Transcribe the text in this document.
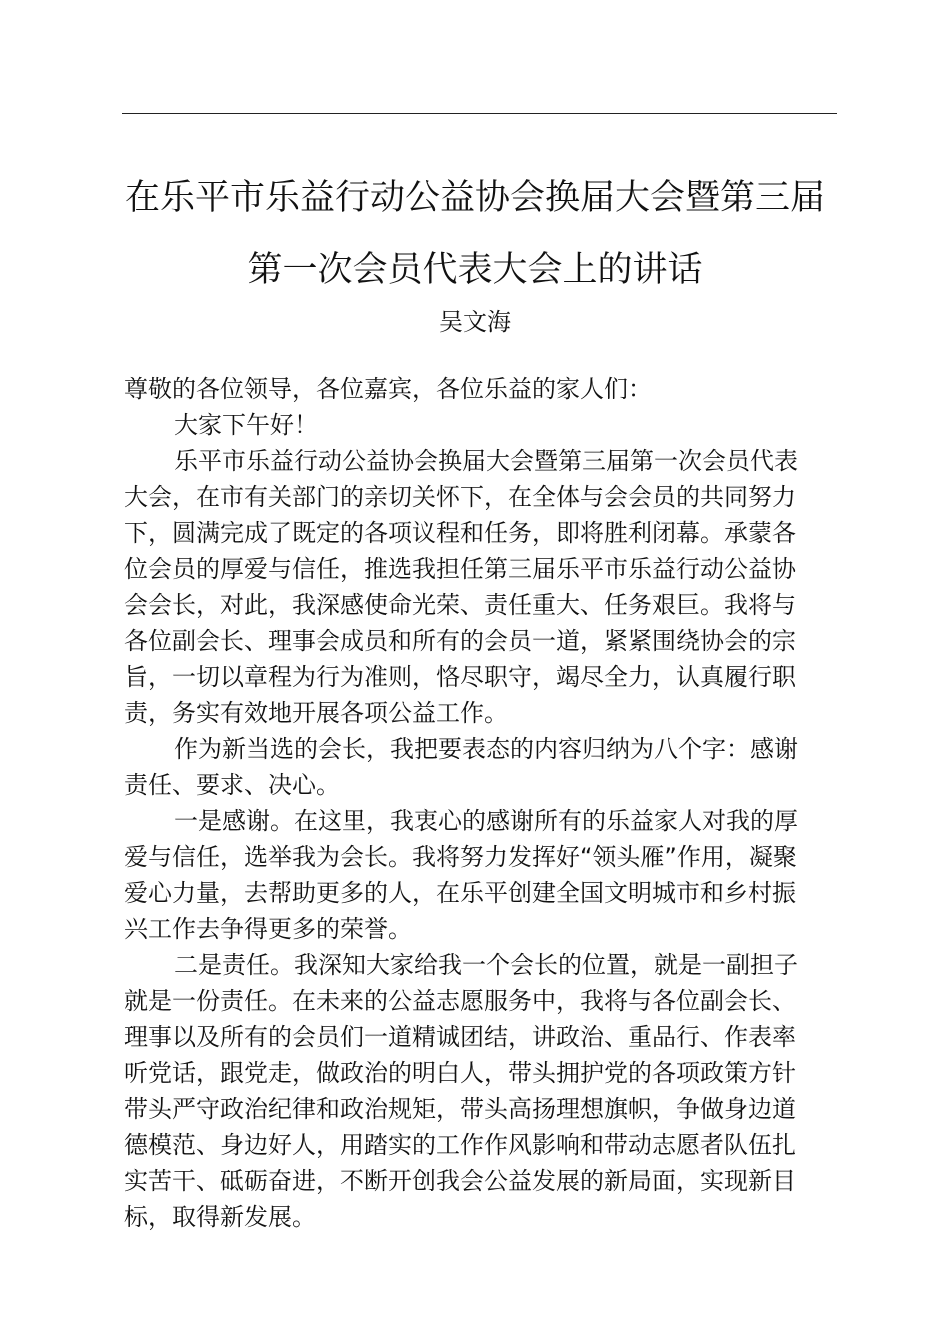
在乐平市乐益行动公益协会换届大会暨第三届
第一次会员代表大会上的讲话
吴文海
尊敬的各位领导，各位嘉宾，各位乐益的家人们：
大家下午好！
乐平市乐益行动公益协会换届大会暨第三届第一次会员代表
大会，在市有关部门的亲切关怀下，在全体与会会员的共同努力
下，圆满完成了既定的各项议程和任务，即将胜利闭幕。承蒙各
位会员的厚爱与信任，推选我担任第三届乐平市乐益行动公益协
会会长，对此，我深感使命光荣、责任重大、任务艰巨。我将与
各位副会长、理事会成员和所有的会员一道，紧紧围绕协会的宗
旨，一切以章程为行为准则，恪尽职守，竭尽全力，认真履行职
责，务实有效地开展各项公益工作。
作为新当选的会长，我把要表态的内容归纳为八个字：感谢
责任、要求、决心。
一是感谢。在这里，我衷心的感谢所有的乐益家人对我的厚
爱与信任，选举我为会长。我将努力发挥好“领头雁”作用，凝聚
爱心力量，去帮助更多的人，在乐平创建全国文明城市和乡村振
兴工作去争得更多的荣誉。
二是责任。我深知大家给我一个会长的位置，就是一副担子
就是一份责任。在未来的公益志愿服务中，我将与各位副会长、
理事以及所有的会员们一道精诚团结，讲政治、重品行、作表率
听党话，跟党走，做政治的明白人，带头拥护党的各项政策方针
带头严守政治纪律和政治规矩，带头高扬理想旗帜，争做身边道
德模范、身边好人，用踏实的工作作风影响和带动志愿者队伍扎
实苦干、砥砺奋进，不断开创我会公益发展的新局面，实现新目
标，取得新发展。
